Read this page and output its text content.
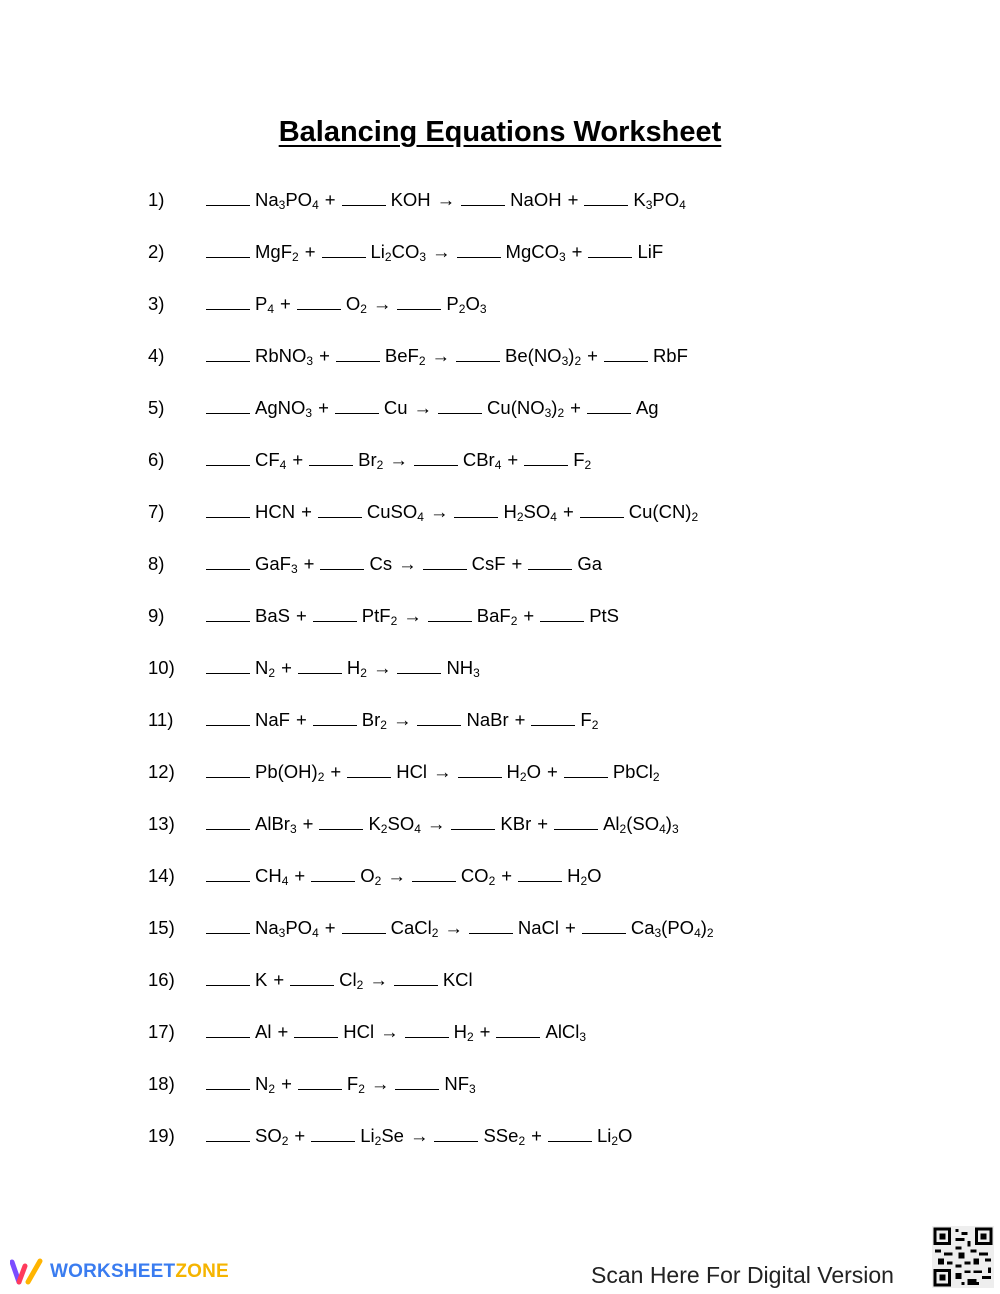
Balancing Equations Worksheet
1)	$Na_3PO_4$ +	KOH →	NaOH +	$K_3PO_4$
2)	MgF$_2$ +	$Li_2CO_3$ →	MgCO$_3$ +	LiF
3)	$P_4$ +	$O_2$ →	$P_2O_3$
4)	RbNO$_3$ +	BeF$_2$ →	$Be(NO_3)_2$ +	RbF
5)	AgNO$_3$ +	Cu →	$Cu(NO_3)_2$ +	Ag
6)	$CF_4$ +	$Br_2$ →	CBr$_4$ +	$F_2$
7)	HCN +	CuSO$_4$ →	$H_2SO_4$ +	$Cu(CN)_2$
8)	GaF$_3$ +	Cs →	CsF +	Ga
9)	BaS +	PtF$_2$ →	BaF$_2$ +	PtS
10)	$N_2$ +	$H_2$ →	$NH_3$
11)	NaF +	$Br_2$ →	NaBr +	$F_2$
12)	$Pb(OH)_2$ +	HCl →	$H_2O$ +	PbCl$_2$
13)	AlBr$_3$ +	$K_2SO_4$ →	KBr +	$Al_2(SO_4)_3$
14)	$CH_4$ +	$O_2$ →	$CO_2$ +	$H_2O$
15)	$Na_3PO_4$ +	CaCl$_2$ →	NaCl +	$Ca_3(PO_4)_2$
16)	K +	$Cl_2$ →	KCl
17)	Al +	HCl →	$H_2$ +	AlCl$_3$
18)	$N_2$ +	$F_2$ →	$NF_3$
19)	$SO_2$ +	$Li_2Se$ →	SSe$_2$ +	$Li_2O$
WORKSHEETZONE	Scan Here For Digital Version
